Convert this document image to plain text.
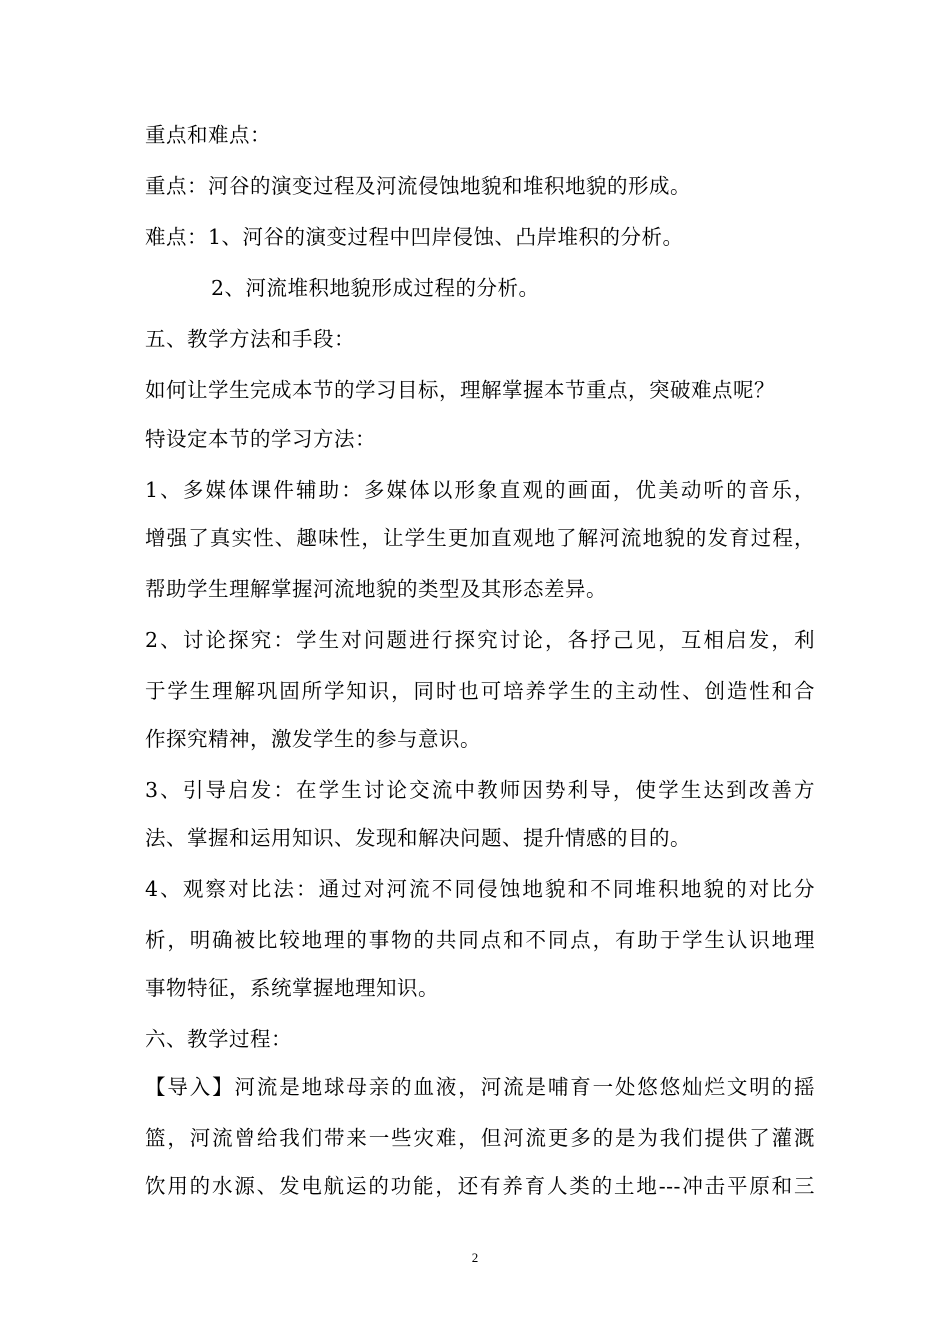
重点和难点：
重点：河谷的演变过程及河流侵蚀地貌和堆积地貌的形成。
难点：1、河谷的演变过程中凹岸侵蚀、凸岸堆积的分析。
2、河流堆积地貌形成过程的分析。
五、教学方法和手段：
如何让学生完成本节的学习目标，理解掌握本节重点，突破难点呢？
特设定本节的学习方法：
1、多媒体课件辅助：多媒体以形象直观的画面，优美动听的音乐，
增强了真实性、趣味性，让学生更加直观地了解河流地貌的发育过程，
帮助学生理解掌握河流地貌的类型及其形态差异。
2、讨论探究：学生对问题进行探究讨论，各抒己见，互相启发，利
于学生理解巩固所学知识，同时也可培养学生的主动性、创造性和合
作探究精神，激发学生的参与意识。
3、引导启发：在学生讨论交流中教师因势利导，使学生达到改善方
法、掌握和运用知识、发现和解决问题、提升情感的目的。
4、观察对比法：通过对河流不同侵蚀地貌和不同堆积地貌的对比分
析，明确被比较地理的事物的共同点和不同点，有助于学生认识地理
事物特征，系统掌握地理知识。
六、教学过程：
【导入】河流是地球母亲的血液，河流是哺育一处悠悠灿烂文明的摇
篮，河流曾给我们带来一些灾难，但河流更多的是为我们提供了灌溉
饮用的水源、发电航运的功能，还有养育人类的土地---冲击平原和三
2
